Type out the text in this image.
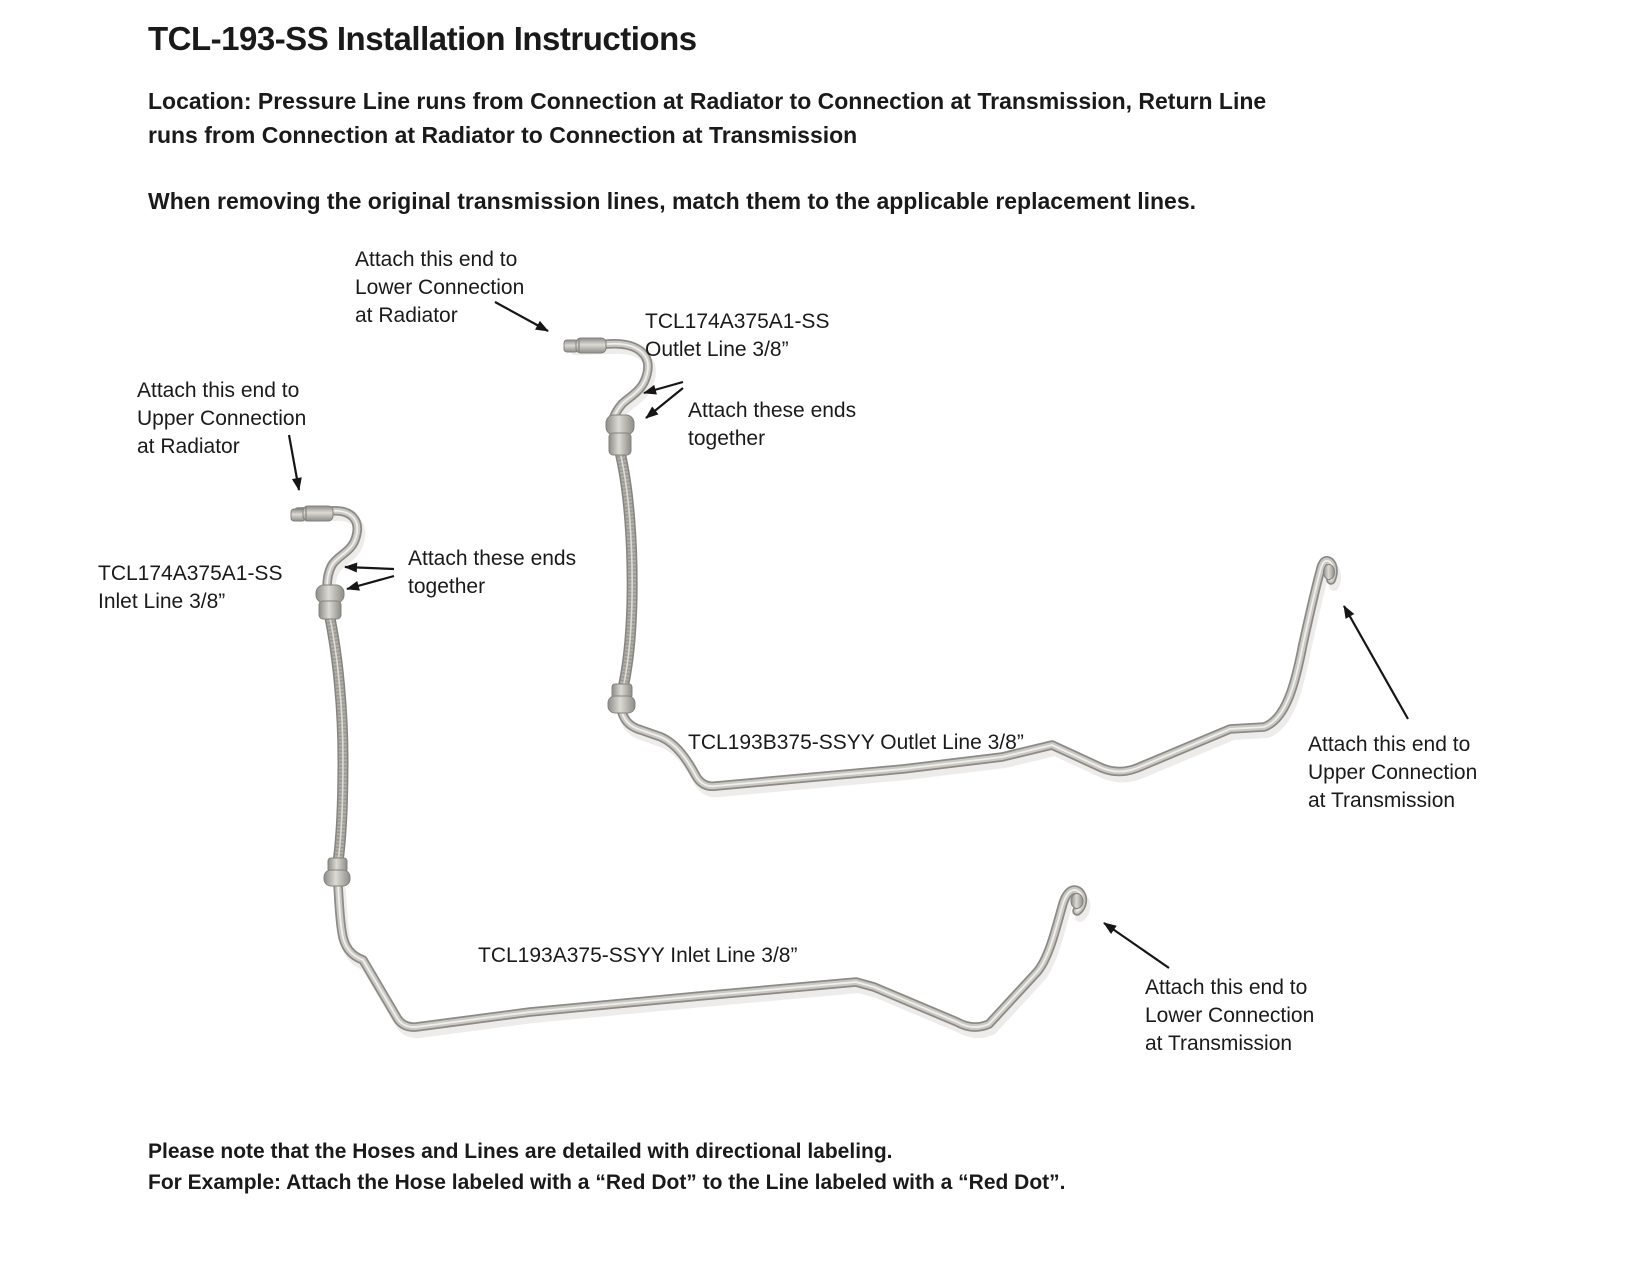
TCL-193-SS Installation Instructions
Location: Pressure Line runs from Connection at Radiator to Connection at Transmission, Return Line
runs from Connection at Radiator to Connection at Transmission
When removing the original transmission lines, match them to the applicable replacement lines.
Attach this end to
Lower Connection
at Radiator	TCL174A375A1-SS
Outlet Line 3/8”
Attach these ends
together
Attach this end to
Upper Connection
at Radiator
TCL174A375A1-SS
Inlet Line 3/8”
Attach these ends
together
TCL193B375-SSYY Outlet Line 3/8”	Attach this end to
Upper Connection
at Transmission
TCL193A375-SSYY Inlet Line 3/8”
Attach this end to
Lower Connection
at Transmission
Please note that the Hoses and Lines are detailed with directional labeling.
For Example: Attach the Hose labeled with a “Red Dot” to the Line labeled with a “Red Dot”.
